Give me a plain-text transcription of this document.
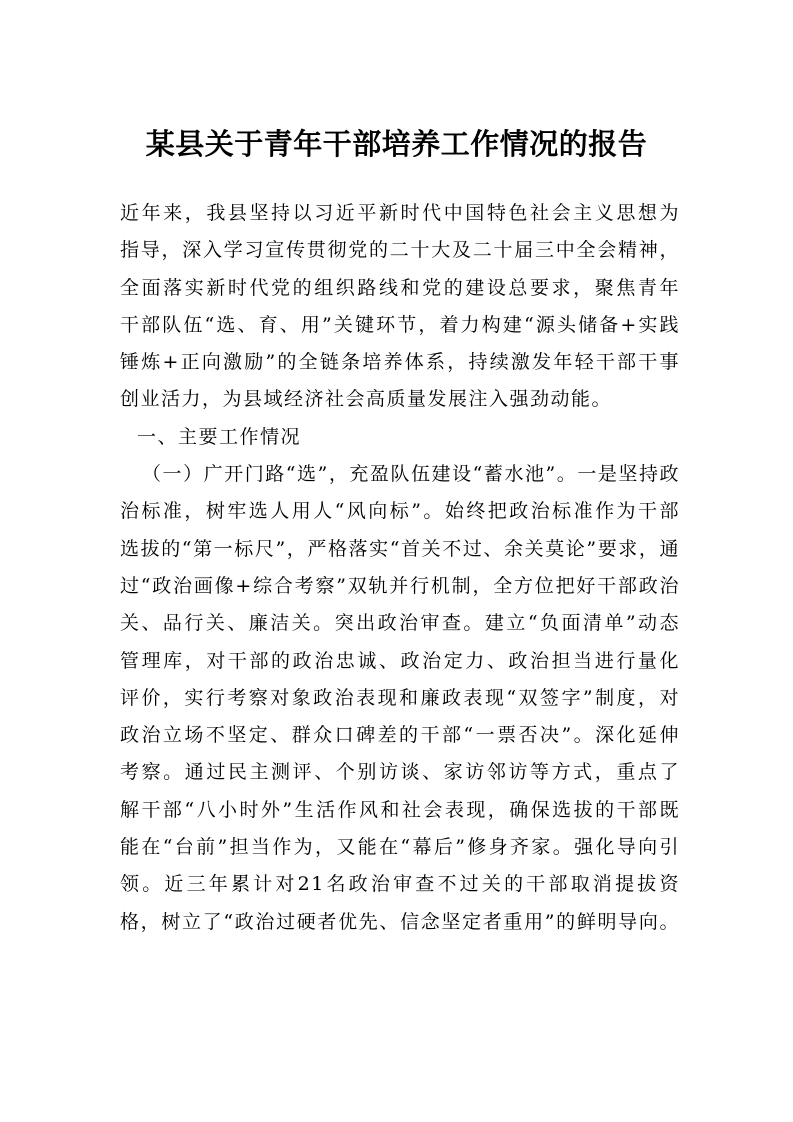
某县关于青年干部培养工作情况的报告
近年来，我县坚持以习近平新时代中国特色社会主义思想为
指导，深入学习宣传贯彻党的二十大及二十届三中全会精神，
全面落实新时代党的组织路线和党的建设总要求，聚焦青年
干部队伍“选、育、用”关键环节，着力构建“源头储备+实践
锤炼+正向激励”的全链条培养体系，持续激发年轻干部干事
创业活力，为县域经济社会高质量发展注入强劲动能。
一、主要工作情况
（一）广开门路“选”，充盈队伍建设“蓄水池”。一是坚持政
治标准，树牢选人用人“风向标”。始终把政治标准作为干部
选拔的“第一标尺”，严格落实“首关不过、余关莫论”要求，通
过“政治画像+综合考察”双轨并行机制，全方位把好干部政治
关、品行关、廉洁关。突出政治审查。建立“负面清单”动态
管理库，对干部的政治忠诚、政治定力、政治担当进行量化
评价，实行考察对象政治表现和廉政表现“双签字”制度，对
政治立场不坚定、群众口碑差的干部“一票否决”。深化延伸
考察。通过民主测评、个别访谈、家访邻访等方式，重点了
解干部“八小时外”生活作风和社会表现，确保选拔的干部既
能在“台前”担当作为，又能在“幕后”修身齐家。强化导向引
领。近三年累计对21名政治审查不过关的干部取消提拔资
格，树立了“政治过硬者优先、信念坚定者重用”的鲜明导向。
